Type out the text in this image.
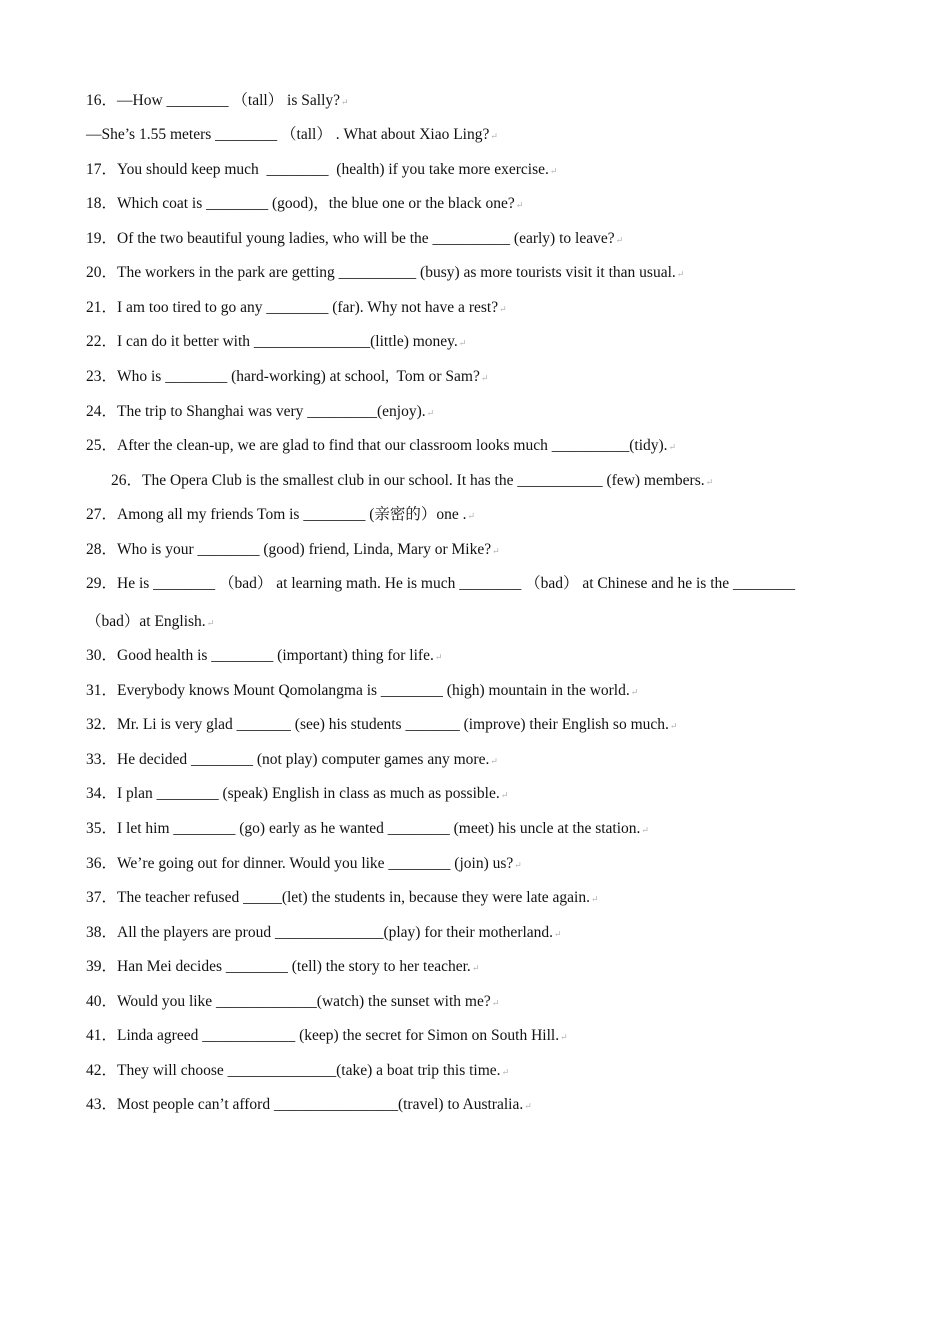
16．—How ________ （tall） is Sally?↵
—She’s 1.55 meters ________ （tall） . What about Xiao Ling?↵
17．You should keep much  ________  (health) if you take more exercise.↵
18．Which coat is ________ (good)，the blue one or the black one?↵
19．Of the two beautiful young ladies, who will be the __________ (early) to leave?↵
20．The workers in the park are getting __________ (busy) as more tourists visit it than usual.↵
21．I am too tired to go any ________ (far). Why not have a rest?↵
22．I can do it better with _______________(little) money.↵
23．Who is ________ (hard-working) at school,  Tom or Sam?↵
24．The trip to Shanghai was very _________(enjoy).↵
25．After the clean-up, we are glad to find that our classroom looks much __________(tidy).↵
26．The Opera Club is the smallest club in our school. It has the ___________ (few) members.↵
27．Among all my friends Tom is ________ (亲密的）one .↵
28．Who is your ________ (good) friend, Linda, Mary or Mike?↵
29．He is ________ （bad） at learning math. He is much ________ （bad） at Chinese and he is the ________
（bad）at English.↵
30．Good health is ________ (important) thing for life.↵
31．Everybody knows Mount Qomolangma is ________ (high) mountain in the world.↵
32．Mr. Li is very glad _______ (see) his students _______ (improve) their English so much.↵
33．He decided ________ (not play) computer games any more.↵
34．I plan ________ (speak) English in class as much as possible.↵
35．I let him ________ (go) early as he wanted ________ (meet) his uncle at the station.↵
36．We’re going out for dinner. Would you like ________ (join) us?↵
37．The teacher refused _____(let) the students in, because they were late again.↵
38．All the players are proud ______________(play) for their motherland.↵
39．Han Mei decides ________ (tell) the story to her teacher.↵
40．Would you like _____________(watch) the sunset with me?↵
41．Linda agreed ____________ (keep) the secret for Simon on South Hill.↵
42．They will choose ______________(take) a boat trip this time.↵
43．Most people can’t afford ________________(travel) to Australia.↵
